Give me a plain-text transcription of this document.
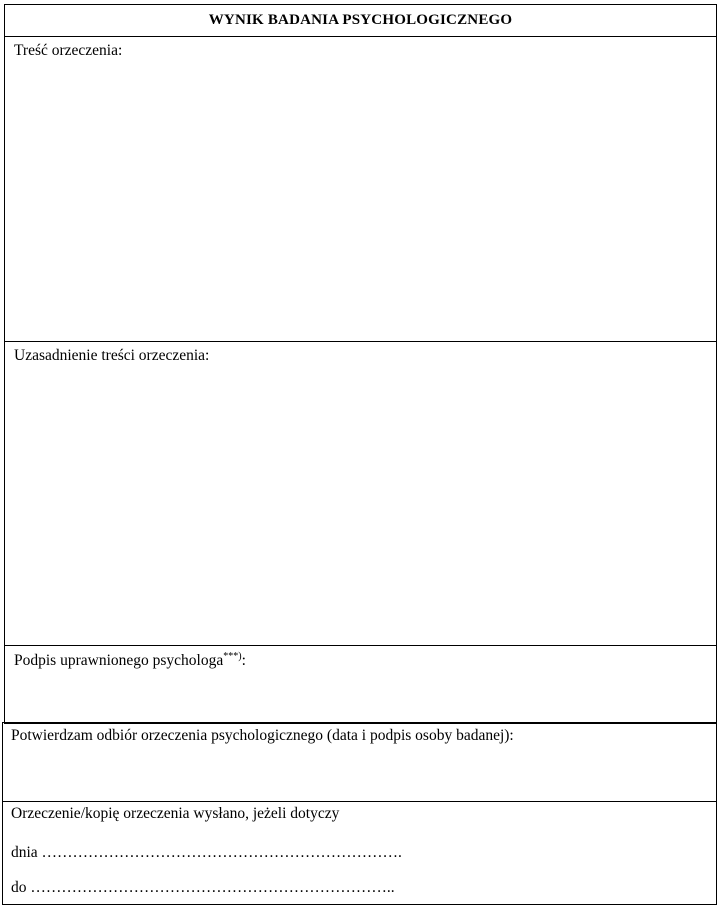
WYNIK BADANIA PSYCHOLOGICZNEGO
Treść orzeczenia:
Uzasadnienie treści orzeczenia:
Podpis uprawnionego psychologa***):
Potwierdzam odbiór orzeczenia psychologicznego (data i podpis osoby badanej):
Orzeczenie/kopię orzeczenia wysłano, jeżeli dotyczy
dnia …………………………………………………………….
do ……………………………………………………………..
